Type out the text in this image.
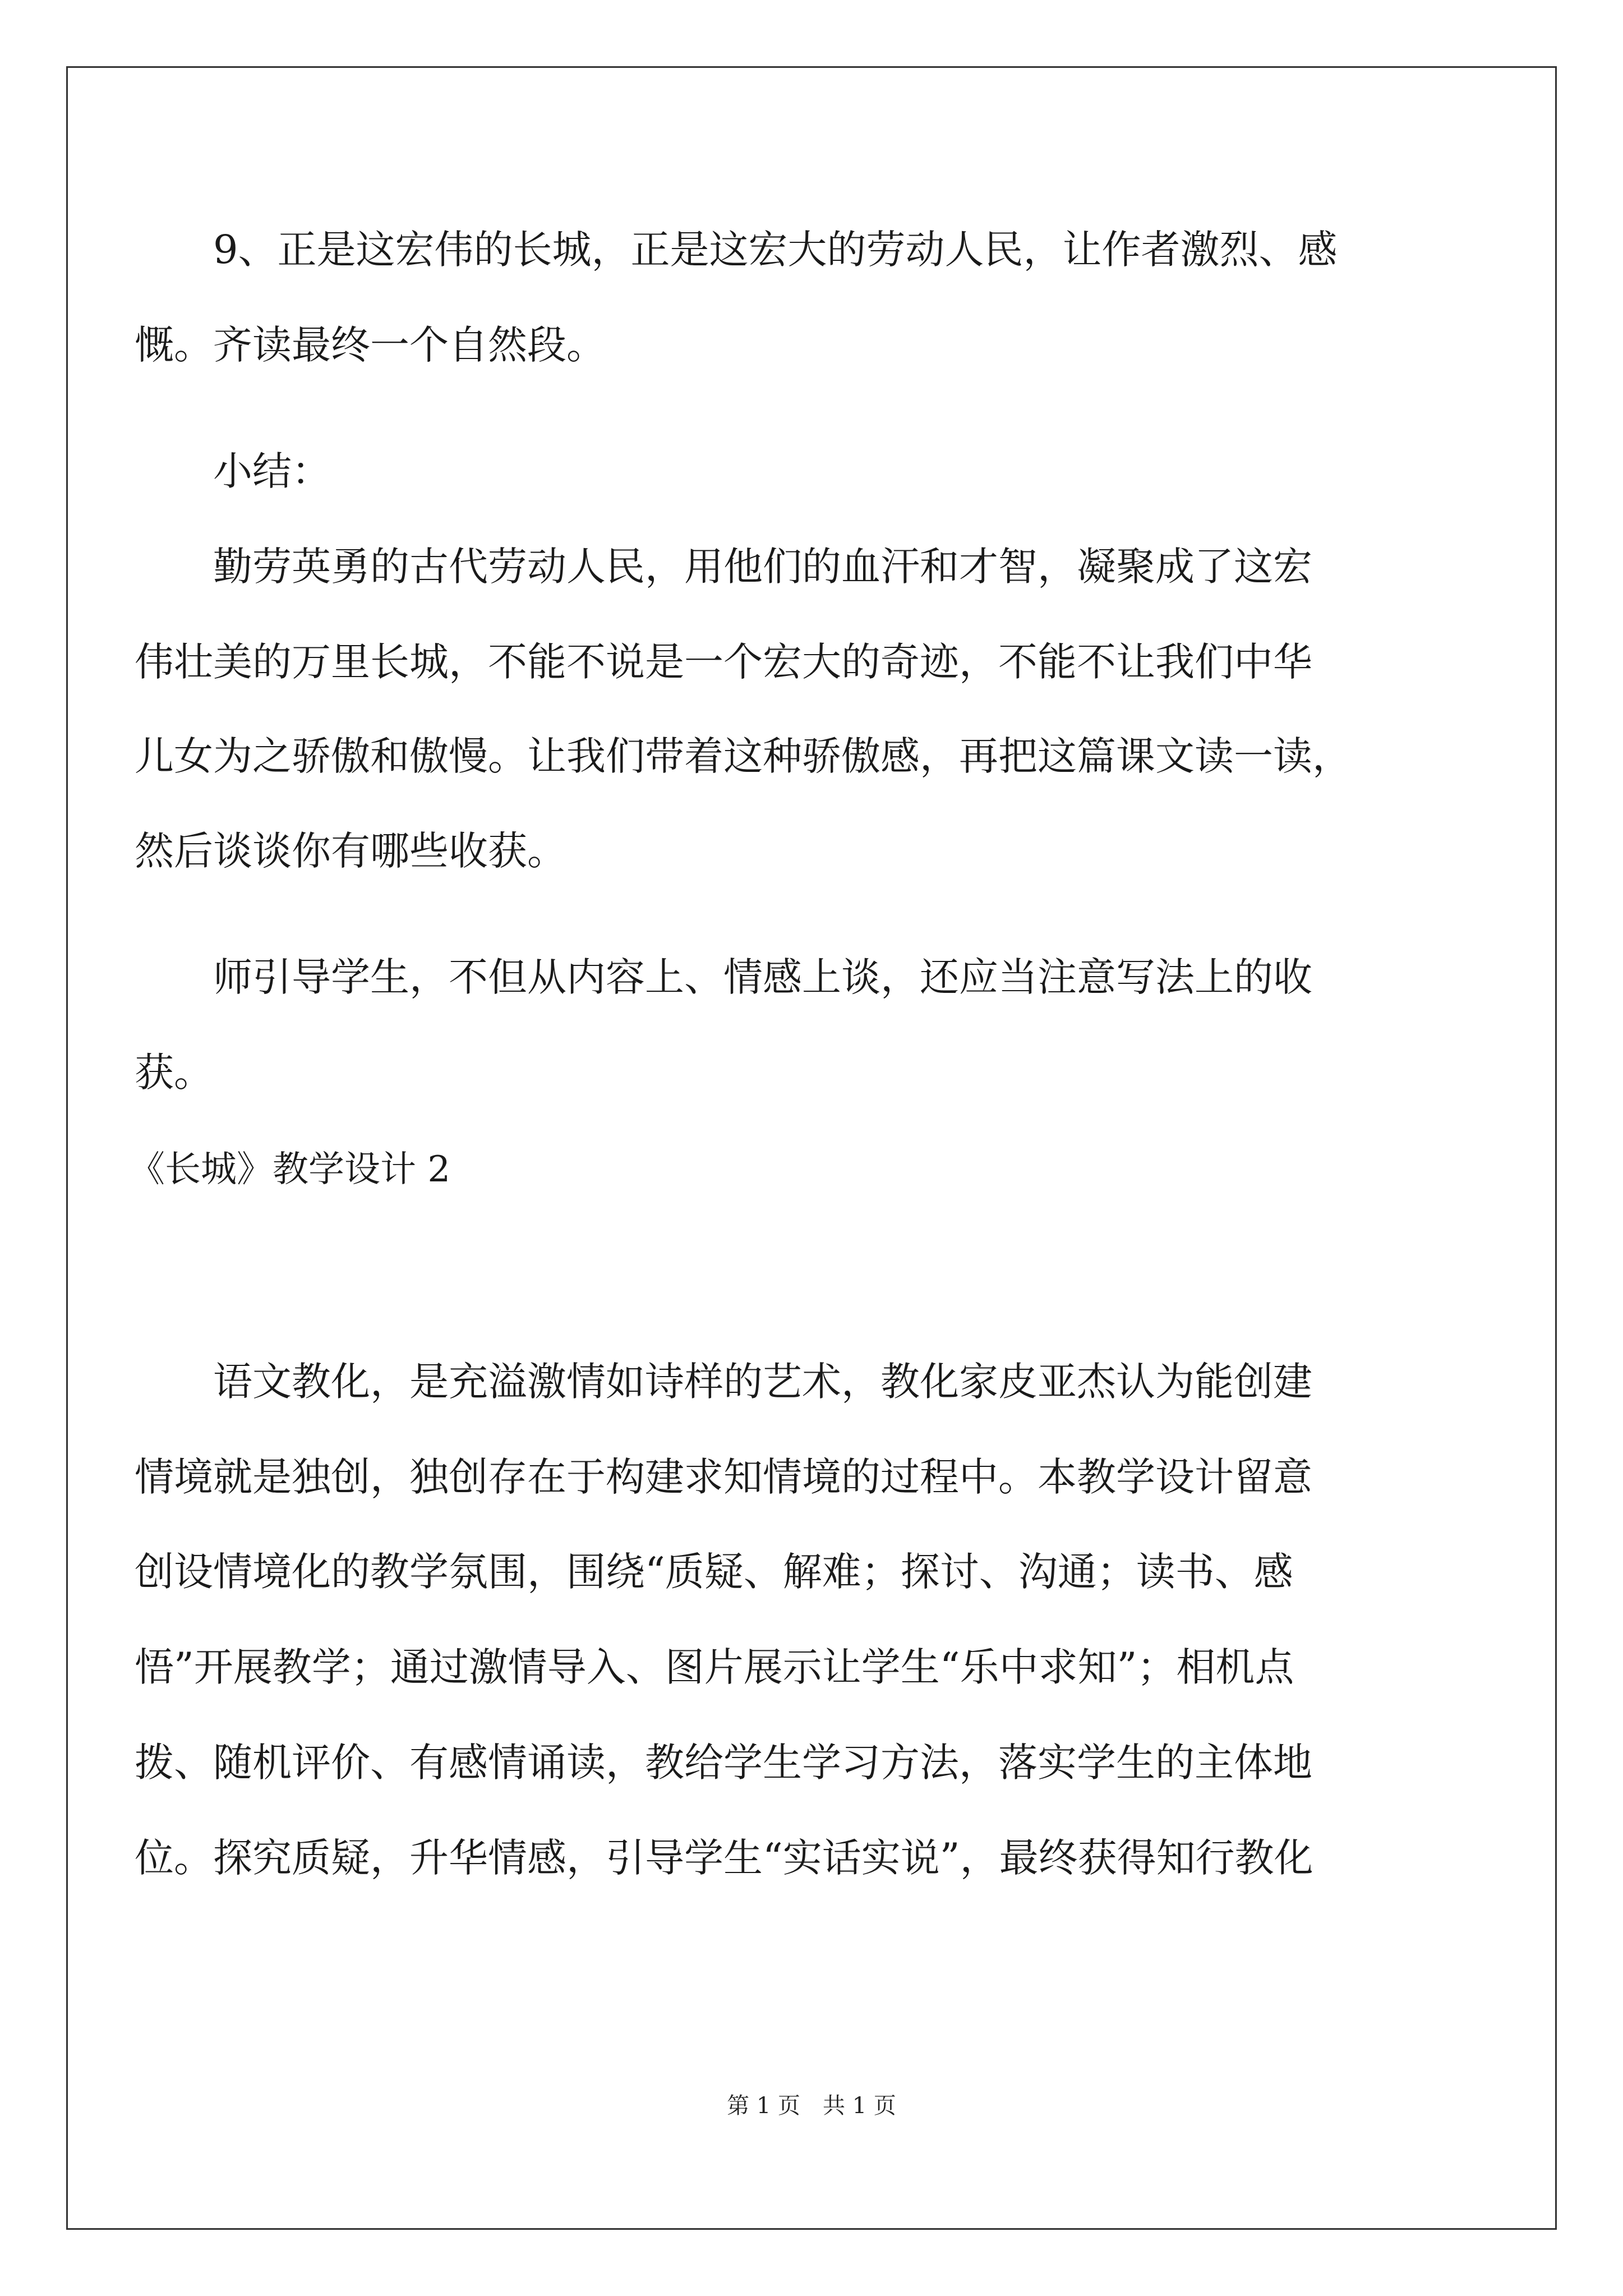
9、正是这宏伟的长城，正是这宏大的劳动人民，让作者激烈、感
慨。齐读最终一个自然段。
小结：
勤劳英勇的古代劳动人民，用他们的血汗和才智，凝聚成了这宏
伟壮美的万里长城，不能不说是一个宏大的奇迹，不能不让我们中华
儿女为之骄傲和傲慢。让我们带着这种骄傲感，再把这篇课文读一读，
然后谈谈你有哪些收获。
师引导学生，不但从内容上、情感上谈，还应当注意写法上的收
获。
《长城》教学设计 2
语文教化，是充溢激情如诗样的艺术，教化家皮亚杰认为能创建
情境就是独创，独创存在于构建求知情境的过程中。本教学设计留意
创设情境化的教学氛围，围绕“质疑、解难；探讨、沟通；读书、感
悟”开展教学；通过激情导入、图片展示让学生“乐中求知”；相机点
拨、随机评价、有感情诵读，教给学生学习方法，落实学生的主体地
位。探究质疑，升华情感，引导学生“实话实说”，最终获得知行教化
第 1 页　共 1 页
